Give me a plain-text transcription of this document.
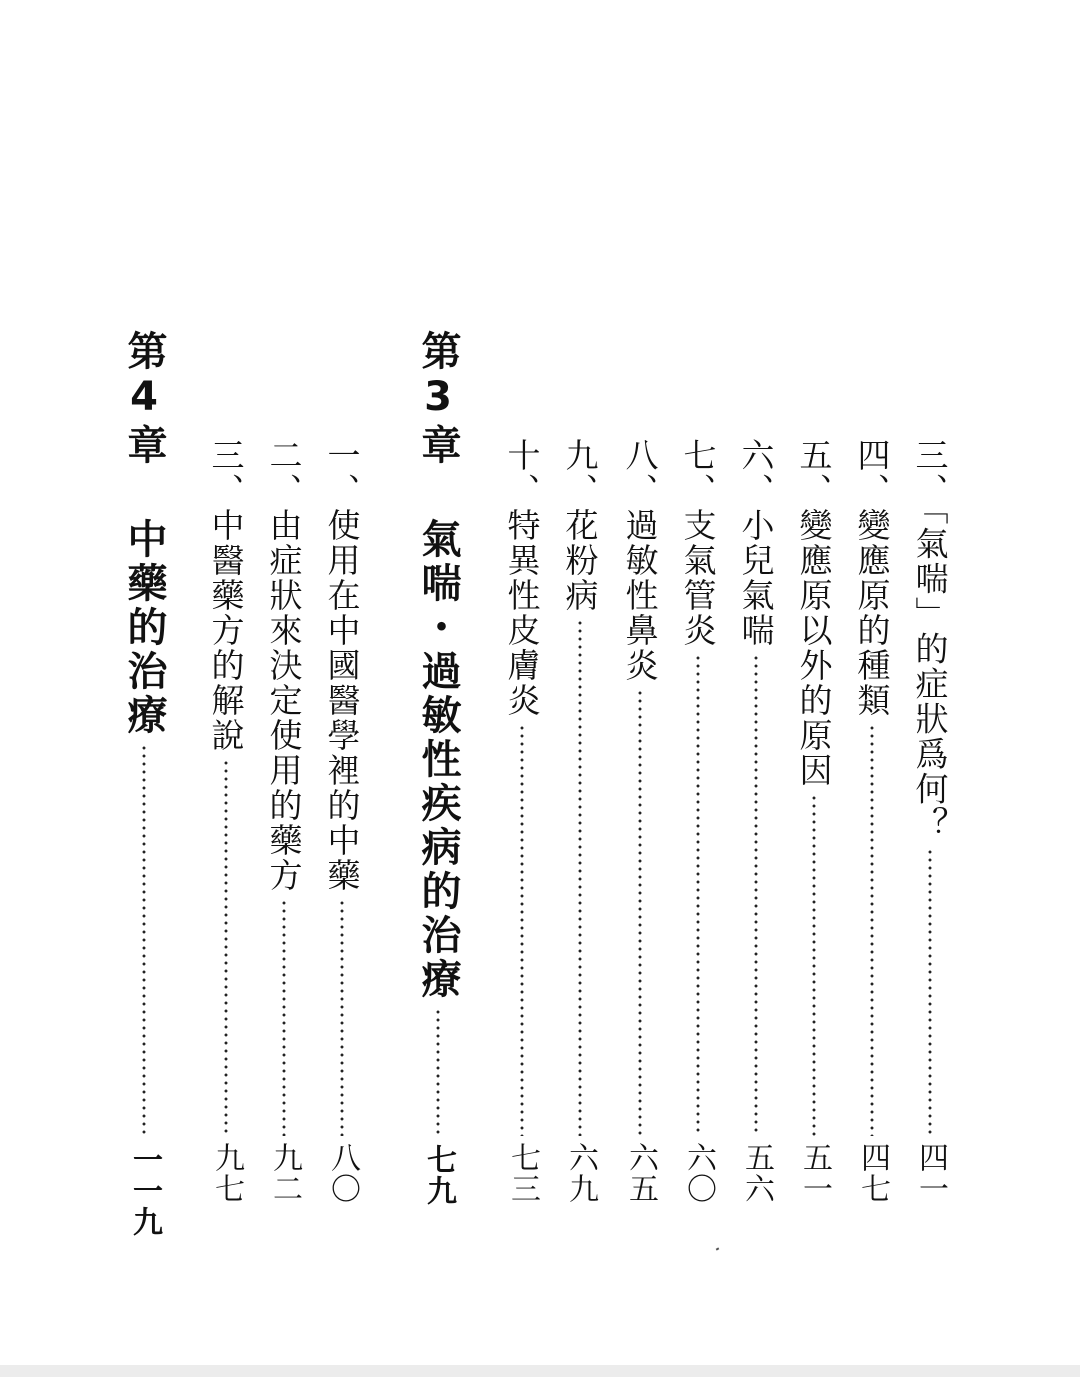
三、「氣喘」的症狀爲何？
四一
四、變應原的種類
四七
五、變應原以外的原因
五一
六、小兒氣喘
五六
七、支氣管炎
六〇
八、過敏性鼻炎
六五
九、花粉病
六九
十、特異性皮膚炎
七三
第3章 氣喘・過敏性疾病的治療
七九
一、使用在中國醫學裡的中藥
八〇
二、由症狀來決定使用的藥方
九二
三、中醫藥方的解說
九七
第4章 中藥的治療
一一九
